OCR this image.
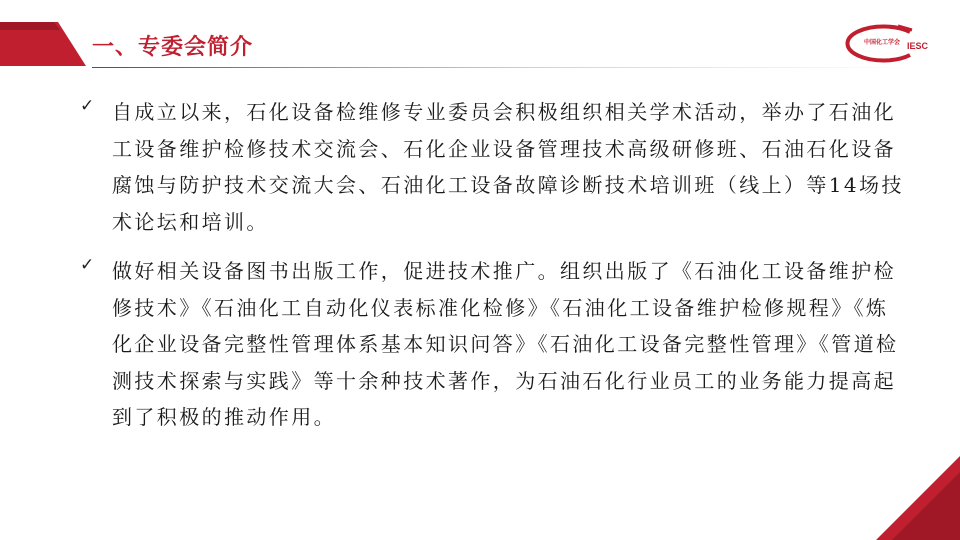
一、专委会简介	中国化工学会 IESC
✓ 自成立以来，石化设备检维修专业委员会积极组织相关学术活动，举办了石油化工设备维护检修技术交流会、石化企业设备管理技术高级研修班、石油石化设备腐蚀与防护技术交流大会、石油化工设备故障诊断技术培训班（线上）等14场技术论坛和培训。
✓ 做好相关设备图书出版工作，促进技术推广。组织出版了《石油化工设备维护检修技术》《石油化工自动化仪表标准化检修》《石油化工设备维护检修规程》《炼化企业设备完整性管理体系基本知识问答》《石油化工设备完整性管理》《管道检测技术探索与实践》等十余种技术著作，为石油石化行业员工的业务能力提高起到了积极的推动作用。
